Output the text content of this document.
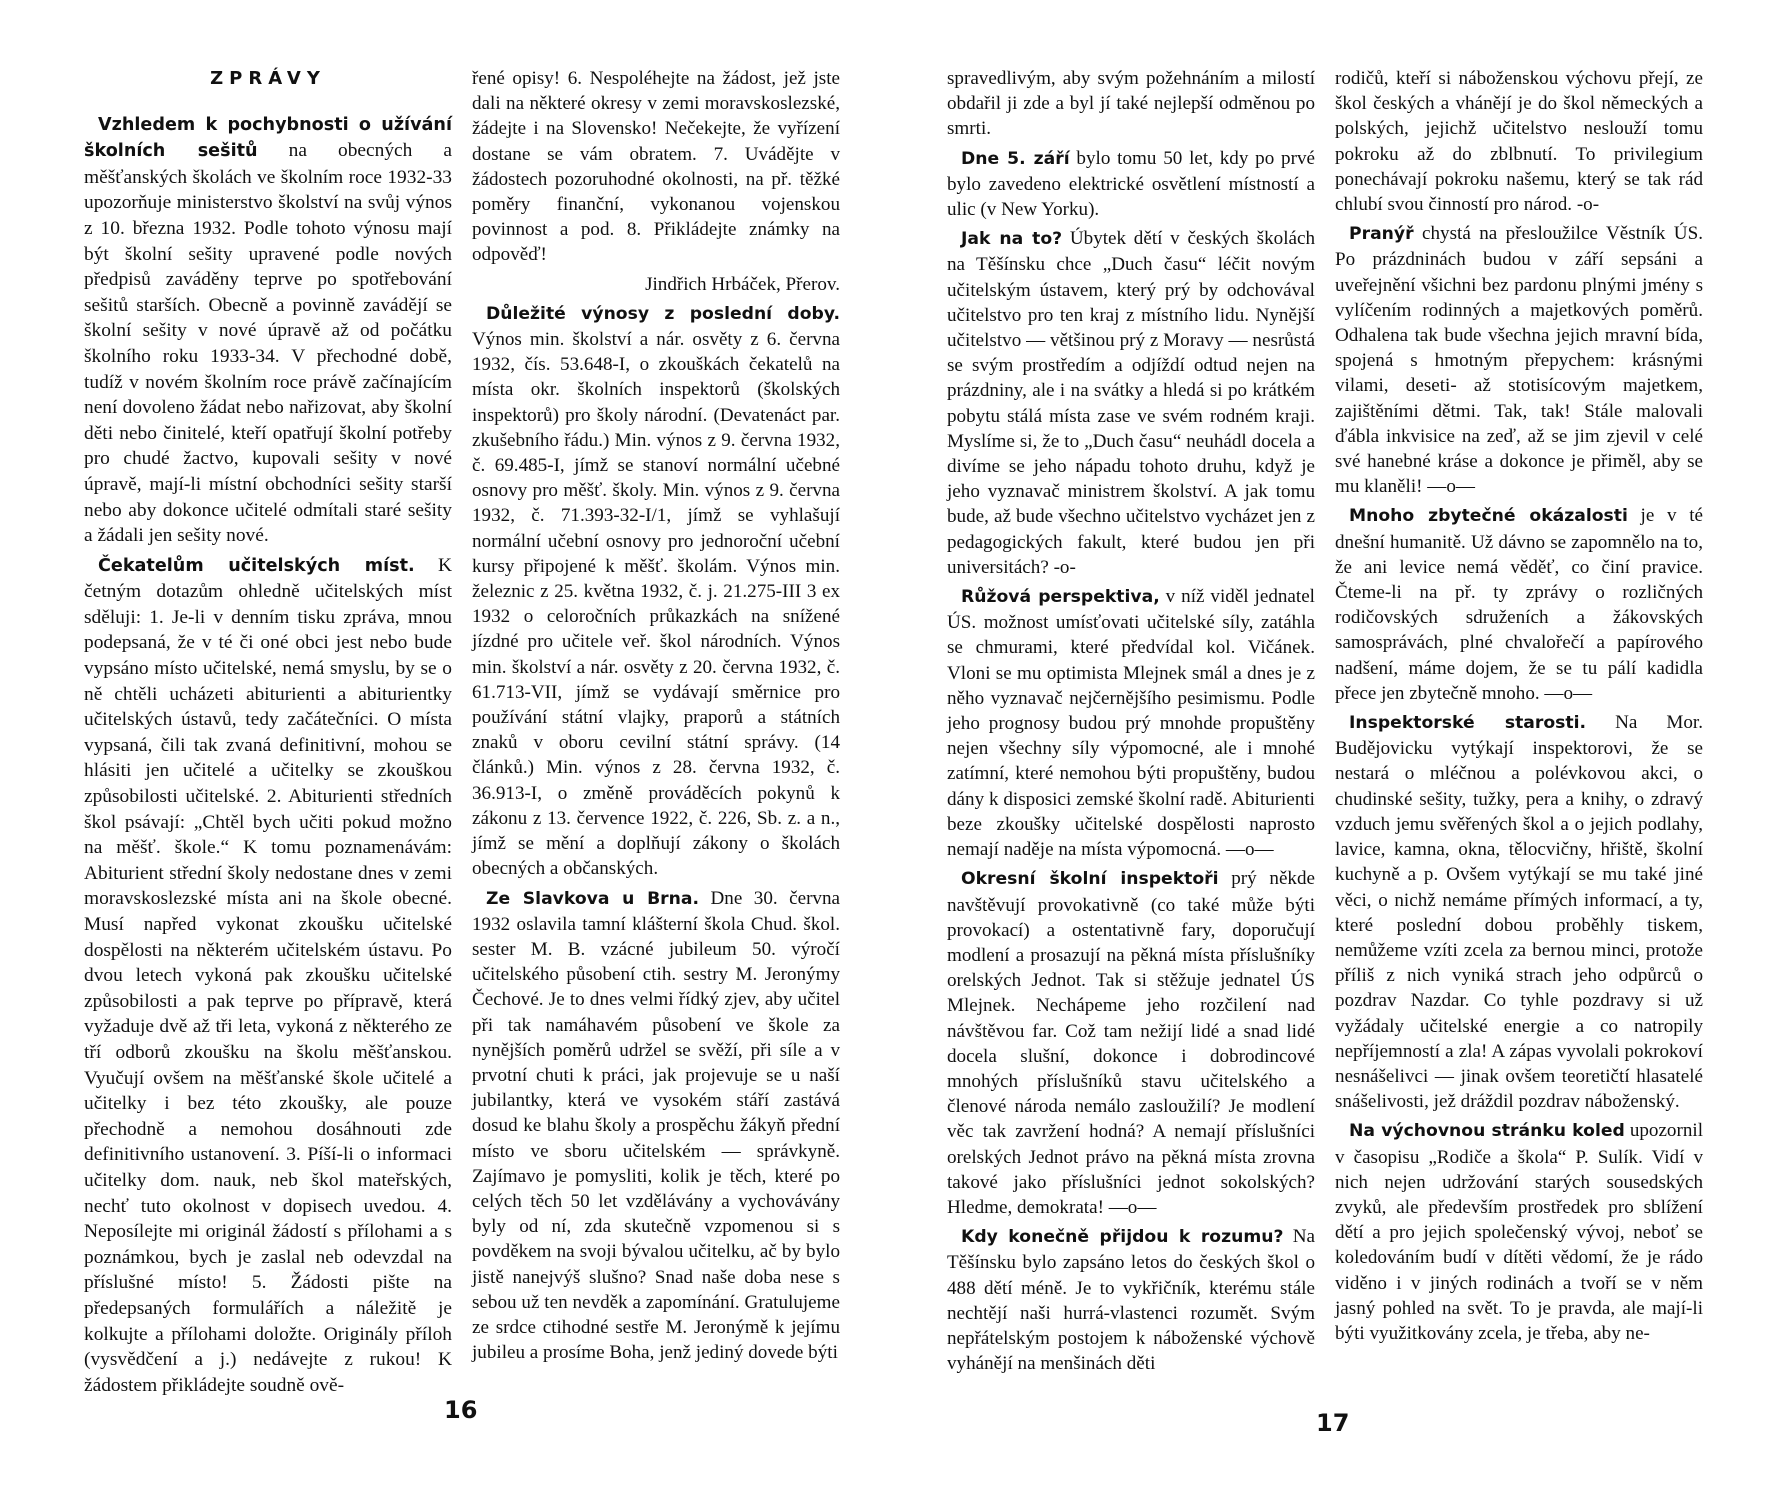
ZPRÁVY

Vzhledem k pochybnosti o užívání školních sešitů na obecných a měšťanských školách ve školním roce 1932-33 upozorňuje ministerstvo školství na svůj výnos z 10. března 1932. Podle tohoto výnosu mají být školní sešity upravené podle nových předpisů zaváděny teprve po spotřebování sešitů starších. Obecně a povinně zavádějí se školní sešity v nové úpravě až od počátku školního roku 1933-34. V přechodné době, tudíž v novém školním roce právě začínajícím není dovoleno žádat nebo nařizovat, aby školní děti nebo činitelé, kteří opatřují školní potřeby pro chudé žactvo, kupovali sešity v nové úpravě, mají-li místní obchodníci sešity starší nebo aby dokonce učitelé odmítali staré sešity a žádali jen sešity nové.

Čekatelům učitelských míst. K četným dotazům ohledně učitelských míst sděluji: 1. Je-li v denním tisku zpráva, mnou podepsaná, že v té či oné obci jest nebo bude vypsáno místo učitelské, nemá smyslu, by se o ně chtěli ucházeti abiturienti a abiturientky učitelských ústavů, tedy začátečníci. O místa vypsaná, čili tak zvaná definitivní, mohou se hlásiti jen učitelé a učitelky se zkouškou způsobilosti učitelské. 2. Abiturienti středních škol psávají: „Chtěl bych učiti pokud možno na měšť. škole.“ K tomu poznamenávám: Abiturient střední školy nedostane dnes v zemi moravskoslezské místa ani na škole obecné. Musí napřed vykonat zkoušku učitelské dospělosti na některém učitelském ústavu. Po dvou letech vykoná pak zkoušku učitelské způsobilosti a pak teprve po přípravě, která vyžaduje dvě až tři leta, vykoná z některého ze tří odborů zkoušku na školu měšťanskou. Vyučují ovšem na měšťanské škole učitelé a učitelky i bez této zkoušky, ale pouze přechodně a nemohou dosáhnouti zde definitivního ustanovení. 3. Píší-li o informaci učitelky dom. nauk, neb škol mateřských, nechť tuto okolnost v dopisech uvedou. 4. Neposílejte mi originál žádostí s přílohami a s poznámkou, bych je zaslal neb odevzdal na příslušné místo! 5. Žádosti pište na předepsaných formulářích a náležitě je kolkujte a přílohami doložte. Originály příloh (vysvědčení a j.) nedávejte z rukou! K žádostem přikládejte soudně ově-

řené opisy! 6. Nespoléhejte na žádost, jež jste dali na některé okresy v zemi moravskoslezské, žádejte i na Slovensko! Nečekejte, že vyřízení dostane se vám obratem. 7. Uvádějte v žádostech pozoruhodné okolnosti, na př. těžké poměry finanční, vykonanou vojenskou povinnost a pod. 8. Přikládejte známky na odpověď!

Jindřich Hrbáček, Přerov.

Důležité výnosy z poslední doby. Výnos min. školství a nár. osvěty z 6. června 1932, čís. 53.648-I, o zkouškách čekatelů na místa okr. školních inspektorů (školských inspektorů) pro školy národní. (Devatenáct par. zkušebního řádu.) Min. výnos z 9. června 1932, č. 69.485-I, jímž se stanoví normální učebné osnovy pro měšť. školy. Min. výnos z 9. června 1932, č. 71.393-32-I/1, jímž se vyhlašují normální učební osnovy pro jednoroční učební kursy připojené k měšť. školám. Výnos min. železnic z 25. května 1932, č. j. 21.275-III 3 ex 1932 o celoročních průkazkách na snížené jízdné pro učitele veř. škol národních. Výnos min. školství a nár. osvěty z 20. června 1932, č. 61.713-VII, jímž se vydávají směrnice pro používání státní vlajky, praporů a státních znaků v oboru cevilní státní správy. (14 článků.) Min. výnos z 28. června 1932, č. 36.913-I, o změně prováděcích pokynů k zákonu z 13. července 1922, č. 226, Sb. z. a n., jímž se mění a doplňují zákony o školách obecných a občanských.

Ze Slavkova u Brna. Dne 30. června 1932 oslavila tamní klášterní škola Chud. škol. sester M. B. vzácné jubileum 50. výročí učitelského působení ctih. sestry M. Jeronýmy Čechové. Je to dnes velmi řídký zjev, aby učitel při tak namáhavém působení ve škole za nynějších poměrů udržel se svěží, při síle a v prvotní chuti k práci, jak projevuje se u naší jubilantky, která ve vysokém stáří zastává dosud ke blahu školy a prospěchu žákyň přední místo ve sboru učitelském — správkyně. Zajímavo je pomysliti, kolik je těch, které po celých těch 50 let vzdělávány a vychovávány byly od ní, zda skutečně vzpomenou si s povděkem na svoji bývalou učitelku, ač by bylo jistě nanejvýš slušno? Snad naše doba nese s sebou už ten nevděk a zapomínání. Gratulujeme ze srdce ctihodné sestře M. Jeronýmě k jejímu jubileu a prosíme Boha, jenž jediný dovede býti

16

spravedlivým, aby svým požehnáním a milostí obdařil ji zde a byl jí také nejlepší odměnou po smrti.

Dne 5. září bylo tomu 50 let, kdy po prvé bylo zavedeno elektrické osvětlení místností a ulic (v New Yorku).

Jak na to? Úbytek dětí v českých školách na Těšínsku chce „Duch času“ léčit novým učitelským ústavem, který prý by odchovával učitelstvo pro ten kraj z místního lidu. Nynější učitelstvo — většinou prý z Moravy — nesrůstá se svým prostředím a odjíždí odtud nejen na prázdniny, ale i na svátky a hledá si po krátkém pobytu stálá místa zase ve svém rodném kraji. Myslíme si, že to „Duch času“ neuhádl docela a divíme se jeho nápadu tohoto druhu, když je jeho vyznavač ministrem školství. A jak tomu bude, až bude všechno učitelstvo vycházet jen z pedagogických fakult, které budou jen při universitách? -o-

Růžová perspektiva, v níž viděl jednatel ÚS. možnost umísťovati učitelské síly, zatáhla se chmurami, které předvídal kol. Vičánek. Vloni se mu optimista Mlejnek smál a dnes je z něho vyznavač nejčernějšího pesimismu. Podle jeho prognosy budou prý mnohde propuštěny nejen všechny síly výpomocné, ale i mnohé zatímní, které nemohou býti propuštěny, budou dány k disposici zemské školní radě. Abiturienti beze zkoušky učitelské dospělosti naprosto nemají naděje na místa výpomocná. —o—

Okresní školní inspektoři prý někde navštěvují provokativně (co také může býti provokací) a ostentativně fary, doporučují modlení a prosazují na pěkná místa příslušníky orelských Jednot. Tak si stěžuje jednatel ÚS Mlejnek. Nechápeme jeho rozčilení nad návštěvou far. Což tam nežijí lidé a snad lidé docela slušní, dokonce i dobrodincové mnohých příslušníků stavu učitelského a členové národa nemálo zasloužilí? Je modlení věc tak zavržení hodná? A nemají příslušníci orelských Jednot právo na pěkná místa zrovna takové jako příslušníci jednot sokolských? Hledme, demokrata! —o—

Kdy konečně přijdou k rozumu? Na Těšínsku bylo zapsáno letos do českých škol o 488 dětí méně. Je to vykřičník, kterému stále nechtějí naši hurrá-vlastenci rozumět. Svým nepřátelským postojem k náboženské výchově vyhánějí na menšinách děti

rodičů, kteří si náboženskou výchovu přejí, ze škol českých a vhánějí je do škol německých a polských, jejichž učitelstvo neslouží tomu pokroku až do zblbnutí. To privilegium ponechávají pokroku našemu, který se tak rád chlubí svou činností pro národ. -o-

Pranýř chystá na přesloužilce Věstník ÚS. Po prázdninách budou v září sepsáni a uveřejnění všichni bez pardonu plnými jmény s vylíčením rodinných a majetkových poměrů. Odhalena tak bude všechna jejich mravní bída, spojená s hmotným přepychem: krásnými vilami, deseti- až stotisícovým majetkem, zajištěními dětmi. Tak, tak! Stále malovali ďábla inkvisice na zeď, až se jim zjevil v celé své hanebné kráse a dokonce je přiměl, aby se mu klaněli! —o—

Mnoho zbytečné okázalosti je v té dnešní humanitě. Už dávno se zapomnělo na to, že ani levice nemá věděť, co činí pravice. Čteme-li na př. ty zprávy o rozličných rodičovských sdruženích a žákovských samosprávách, plné chvalořečí a papírového nadšení, máme dojem, že se tu pálí kadidla přece jen zbytečně mnoho. —o—

Inspektorské starosti. Na Mor. Budějovicku vytýkají inspektorovi, že se nestará o mléčnou a polévkovou akci, o chudinské sešity, tužky, pera a knihy, o zdravý vzduch jemu svěřených škol a o jejich podlahy, lavice, kamna, okna, tělocvičny, hřiště, školní kuchyně a p. Ovšem vytýkají se mu také jiné věci, o nichž nemáme přímých informací, a ty, které poslední dobou proběhly tiskem, nemůžeme vzíti zcela za bernou minci, protože příliš z nich vyniká strach jeho odpůrců o pozdrav Nazdar. Co tyhle pozdravy si už vyžádaly učitelské energie a co natropily nepříjemností a zla! A zápas vyvolali pokrokoví nesnášelivci — jinak ovšem teoretičtí hlasatelé snášelivosti, jež dráždil pozdrav náboženský.

Na výchovnou stránku koled upozornil v časopisu „Rodiče a škola“ P. Sulík. Vidí v nich nejen udržování starých sousedských zvyků, ale především prostředek pro sblížení dětí a pro jejich společenský vývoj, neboť se koledováním budí v dítěti vědomí, že je rádo viděno i v jiných rodinách a tvoří se v něm jasný pohled na svět. To je pravda, ale mají-li býti využitkovány zcela, je třeba, aby ne-

17
